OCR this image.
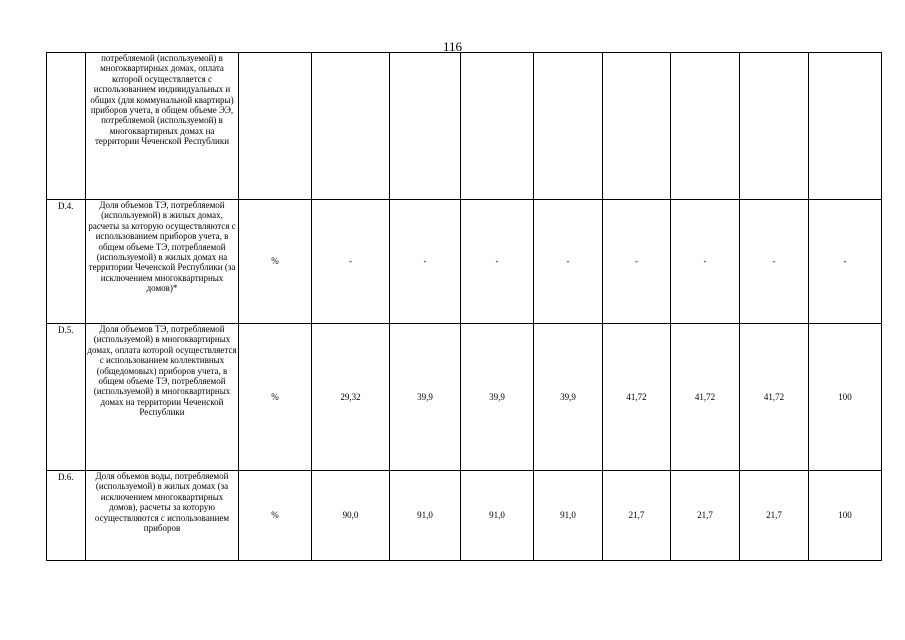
116
	потребляемой (используемой) в многоквартирных домах, оплата которой осуществляется с использованием индивидуальных и общих (для коммунальной квартиры) приборов учета, в общем объеме ЭЭ, потребляемой (используемой) в многоквартирных домах на территории Чеченской Республики									
D.4.	Доля объемов ТЭ, потребляемой (используемой) в жилых домах, расчеты за которую осуществляются с использованием приборов учета, в общем объеме ТЭ, потребляемой (используемой) в жилых домах на территории Чеченской Республики (за исключением многоквартирных домов)*	%	-	-	-	-	-	-	-	-
D.5.	Доля объемов ТЭ, потребляемой (используемой) в многоквартирных домах, оплата которой осуществляется с использованием коллективных (общедомовых) приборов учета, в общем объеме ТЭ, потребляемой (используемой) в многоквартирных домах на территории Чеченской Республики	%	29,32	39,9	39,9	39,9	41,72	41,72	41,72	100
D.6.	Доля объемов воды, потребляемой (используемой) в жилых домах (за исключением многоквартирных домов), расчеты за которую осуществляются с использованием приборов	%	90,0	91,0	91,0	91,0	21,7	21,7	21,7	100
